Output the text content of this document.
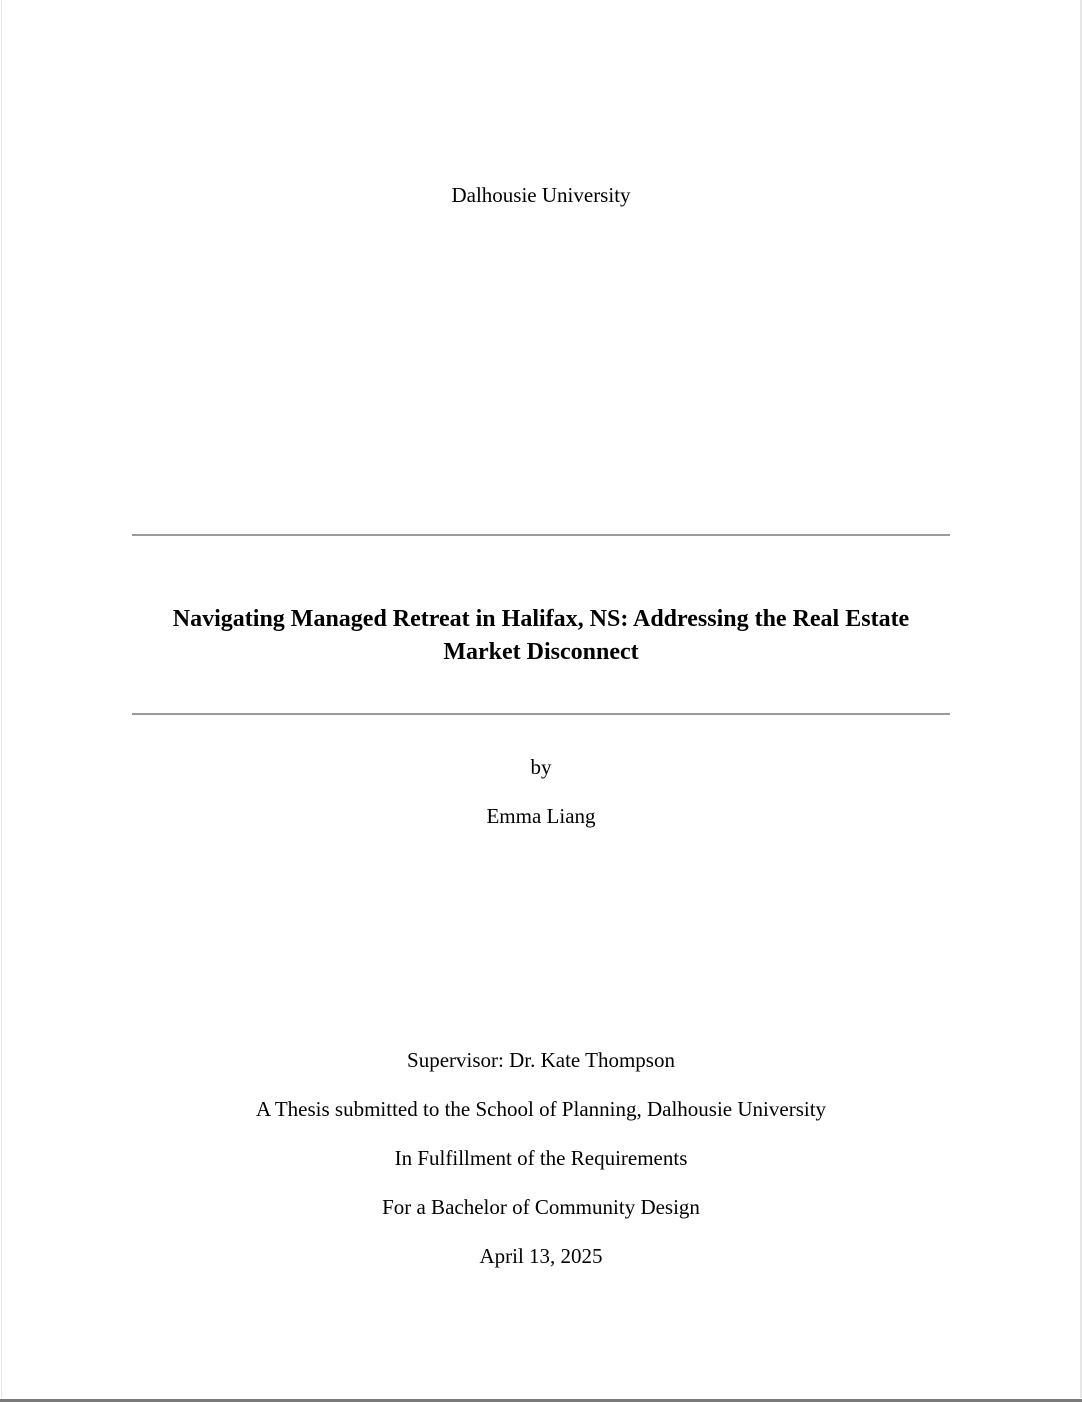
Dalhousie University
Navigating Managed Retreat in Halifax, NS: Addressing the Real Estate
Market Disconnect
by
Emma Liang
Supervisor: Dr. Kate Thompson
A Thesis submitted to the School of Planning, Dalhousie University
In Fulfillment of the Requirements
For a Bachelor of Community Design
April 13, 2025
